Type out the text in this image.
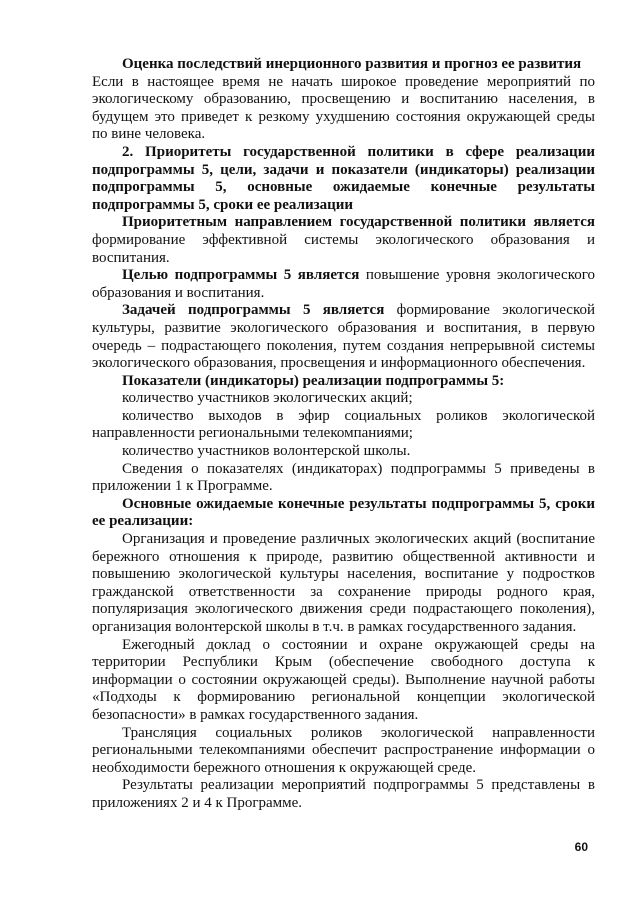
Оценка последствий инерционного развития и прогноз ее развития

Если в настоящее время не начать широкое проведение мероприятий по экологическому образованию, просвещению и воспитанию населения, в будущем это приведет к резкому ухудшению состояния окружающей среды по вине человека.

2. Приоритеты государственной политики в сфере реализации подпрограммы 5, цели, задачи и показатели (индикаторы) реализации подпрограммы 5, основные ожидаемые конечные результаты подпрограммы 5, сроки ее реализации

Приоритетным направлением государственной политики является формирование эффективной системы экологического образования и воспитания.

Целью подпрограммы 5 является повышение уровня экологического образования и воспитания.

Задачей подпрограммы 5 является формирование экологической культуры, развитие экологического образования и воспитания, в первую очередь – подрастающего поколения, путем создания непрерывной системы экологического образования, просвещения и информационного обеспечения.

Показатели (индикаторы) реализации подпрограммы 5:

количество участников экологических акций;

количество выходов в эфир социальных роликов экологической направленности региональными телекомпаниями;

количество участников волонтерской школы.

Сведения о показателях (индикаторах) подпрограммы 5 приведены в приложении 1 к Программе.

Основные ожидаемые конечные результаты подпрограммы 5, сроки ее реализации:

Организация и проведение различных экологических акций (воспитание бережного отношения к природе, развитию общественной активности и повышению экологической культуры населения, воспитание у подростков гражданской ответственности за сохранение природы родного края, популяризация экологического движения среди подрастающего поколения), организация волонтерской школы в т.ч. в рамках государственного задания.

Ежегодный доклад о состоянии и охране окружающей среды на территории Республики Крым (обеспечение свободного доступа к информации о состоянии окружающей среды). Выполнение научной работы «Подходы к формированию региональной концепции экологической безопасности» в рамках государственного задания.

Трансляция социальных роликов экологической направленности региональными телекомпаниями обеспечит распространение информации о необходимости бережного отношения к окружающей среде.

Результаты реализации мероприятий подпрограммы 5 представлены в приложениях 2 и 4 к Программе.

60
